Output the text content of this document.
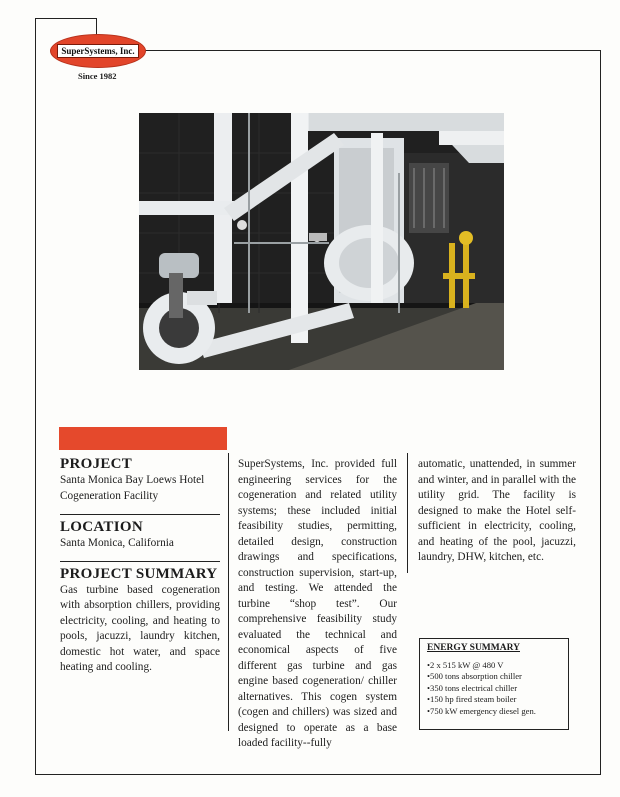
SuperSystems, Inc.
Since 1982
PROJECT

Santa Monica Bay Loews Hotel Cogeneration Facility

LOCATION

Santa Monica, California

PROJECT SUMMARY

Gas turbine based cogeneration with absorption chillers, providing electricity, cooling, and heating to pools, jacuzzi, laundry kitchen, domestic hot water, and space heating and cooling.

SuperSystems, Inc. provided full engineering services for the cogeneration and related utility systems; these included initial feasibility studies, permitting, detailed design, construction drawings and specifications, construction supervision, start-up, and testing. We attended the turbine “shop test”. Our comprehensive feasibility study evaluated the technical and economical aspects of five different gas turbine and gas engine based cogeneration/ chiller alternatives. This cogen system (cogen and chillers) was sized and designed to operate as a base loaded facility--fully

automatic, unattended, in summer and winter, and in parallel with the utility grid. The facility is designed to make the Hotel self-sufficient in electricity, cooling, and heating of the pool, jacuzzi, laundry, DHW, kitchen, etc.

ENERGY SUMMARY
• 2 x 515 kW @ 480 V
• 500 tons absorption chiller
• 350 tons electrical chiller
• 150 hp fired steam boiler
• 750 kW emergency diesel gen.
